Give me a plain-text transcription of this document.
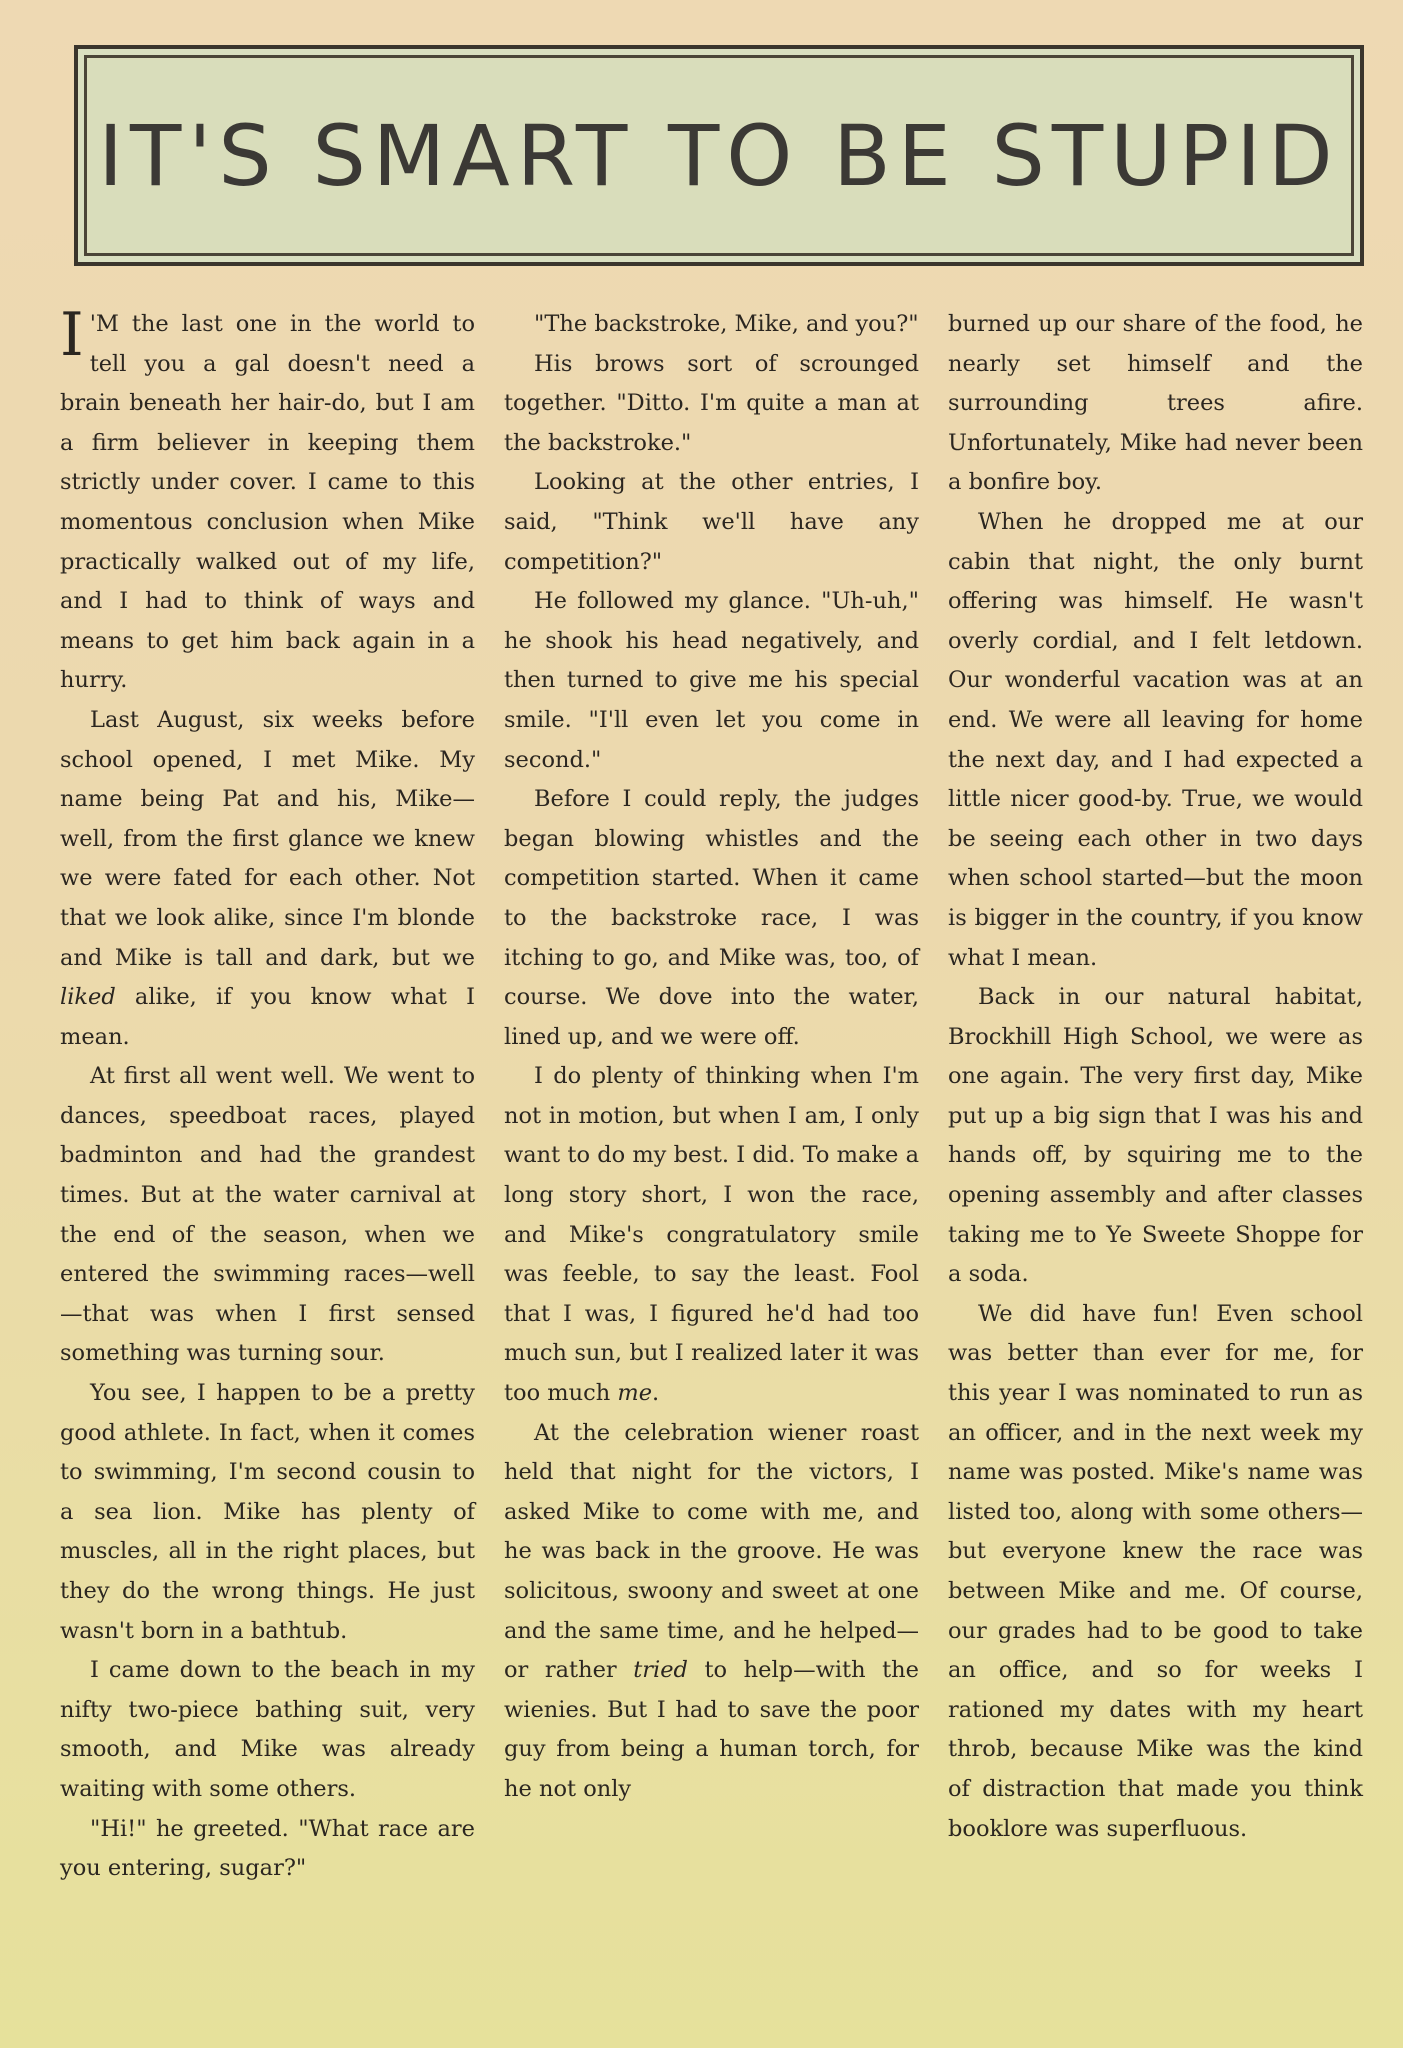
IT'S SMART TO BE STUPID

I 'M the last one in the world to tell you a gal doesn't need a brain beneath her hair-do, but I am a firm believer in keeping them strictly under cover. I came to this momentous conclusion when Mike practically walked out of my life, and I had to think of ways and means to get him back again in a hurry.

Last August, six weeks before school opened, I met Mike. My name being Pat and his, Mike—well, from the first glance we knew we were fated for each other. Not that we look alike, since I'm blonde and Mike is tall and dark, but we liked alike, if you know what I mean.

At first all went well. We went to dances, speedboat races, played badminton and had the grandest times. But at the water carnival at the end of the season, when we entered the swimming races—well—that was when I first sensed something was turning sour.

You see, I happen to be a pretty good athlete. In fact, when it comes to swimming, I'm second cousin to a sea lion. Mike has plenty of muscles, all in the right places, but they do the wrong things. He just wasn't born in a bathtub.

I came down to the beach in my nifty two-piece bathing suit, very smooth, and Mike was already waiting with some others.

"Hi!" he greeted. "What race are you entering, sugar?"

"The backstroke, Mike, and you?"

His brows sort of scrounged together. "Ditto. I'm quite a man at the backstroke."

Looking at the other entries, I said, "Think we'll have any competition?"

He followed my glance. "Uh-uh," he shook his head negatively, and then turned to give me his special smile. "I'll even let you come in second."

Before I could reply, the judges began blowing whistles and the competition started. When it came to the backstroke race, I was itching to go, and Mike was, too, of course. We dove into the water, lined up, and we were off.

I do plenty of thinking when I'm not in motion, but when I am, I only want to do my best. I did. To make a long story short, I won the race, and Mike's congratulatory smile was feeble, to say the least. Fool that I was, I figured he'd had too much sun, but I realized later it was too much me.

At the celebration wiener roast held that night for the victors, I asked Mike to come with me, and he was back in the groove. He was solicitous, swoony and sweet at one and the same time, and he helped—or rather tried to help—with the wienies. But I had to save the poor guy from being a human torch, for he not only

burned up our share of the food, he nearly set himself and the surrounding trees afire. Unfortunately, Mike had never been a bonfire boy.

When he dropped me at our cabin that night, the only burnt offering was himself. He wasn't overly cordial, and I felt letdown. Our wonderful vacation was at an end. We were all leaving for home the next day, and I had expected a little nicer good-by. True, we would be seeing each other in two days when school started—but the moon is bigger in the country, if you know what I mean.

Back in our natural habitat, Brockhill High School, we were as one again. The very first day, Mike put up a big sign that I was his and hands off, by squiring me to the opening assembly and after classes taking me to Ye Sweete Shoppe for a soda.

We did have fun! Even school was better than ever for me, for this year I was nominated to run as an officer, and in the next week my name was posted. Mike's name was listed too, along with some others—but everyone knew the race was between Mike and me. Of course, our grades had to be good to take an office, and so for weeks I rationed my dates with my heart throb, because Mike was the kind of distraction that made you think booklore was superfluous.
